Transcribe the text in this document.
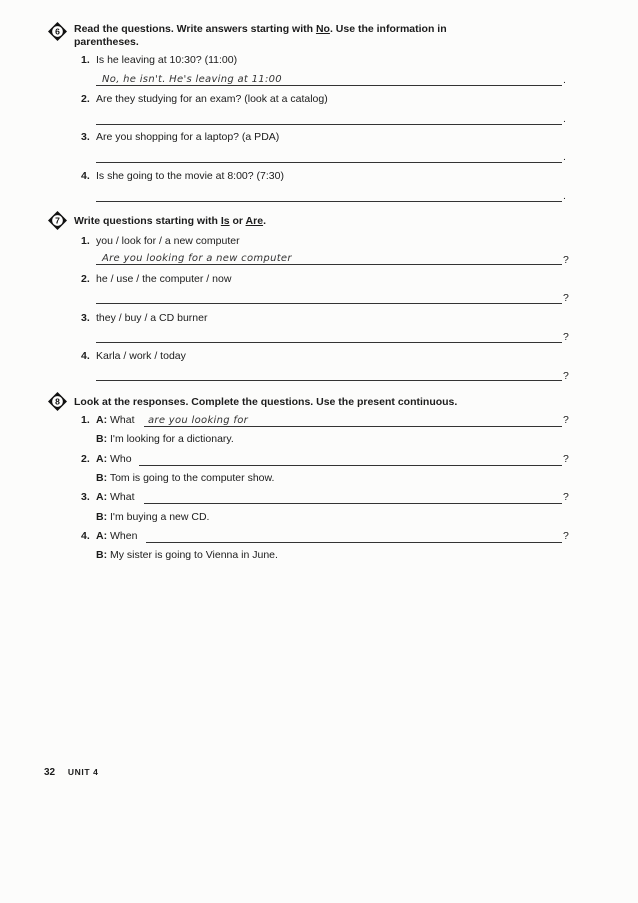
6 Read the questions. Write answers starting with No. Use the information in parentheses.
1. Is he leaving at 10:30? (11:00)
No, he isn't. He's leaving at 11:00	.
2. Are they studying for an exam? (look at a catalog)
.
3. Are you shopping for a laptop? (a PDA)
.
4. Is she going to the movie at 8:00? (7:30)
.
7 Write questions starting with Is or Are.
1. you / look for / a new computer
Are you looking for a new computer	?
2. he / use / the computer / now
?
3. they / buy / a CD burner
?
4. Karla / work / today
?
8 Look at the responses. Complete the questions. Use the present continuous.
1. A: What are you looking for	?
B: I'm looking for a dictionary.
2. A: Who	?
B: Tom is going to the computer show.
3. A: What	?
B: I'm buying a new CD.
4. A: When	?
B: My sister is going to Vienna in June.
32 UNIT 4
